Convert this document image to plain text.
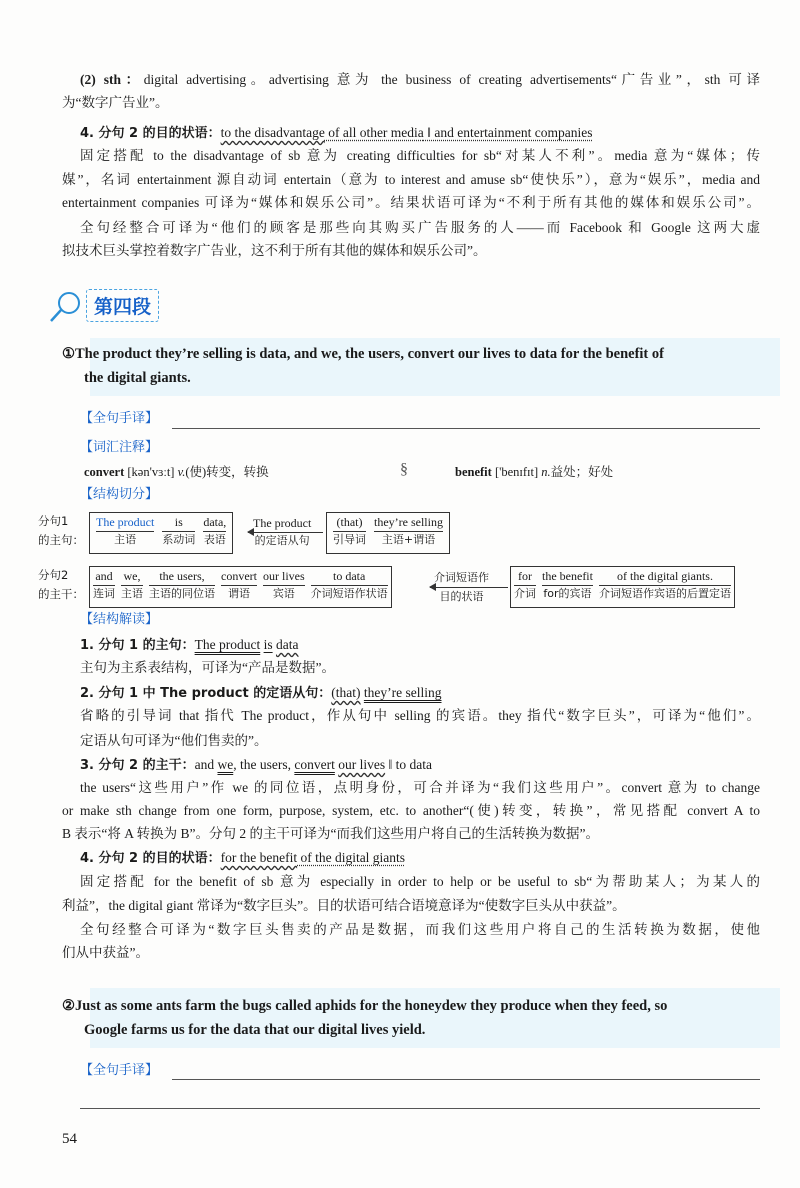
(2) sth：digital advertising。advertising 意为 the business of creating advertisements“广告业”，sth 可译
为“数字广告业”。
4. 分句 2 的目的状语：to the disadvantage of all other media ‖ and entertainment companies
固定搭配 to the disadvantage of sb 意为 creating difficulties for sb“对某人不利”。media 意为“媒体；传
媒”，名词 entertainment 源自动词 entertain（意为 to interest and amuse sb“使快乐”），意为“娱乐”，media and
entertainment companies 可译为“媒体和娱乐公司”。结果状语可译为“不利于所有其他的媒体和娱乐公司”。
全句经整合可译为“他们的顾客是那些向其购买广告服务的人——而 Facebook 和 Google 这两大虚
拟技术巨头掌控着数字广告业，这不利于所有其他的媒体和娱乐公司”。
第四段
①The product they’re selling is data, and we, the users, convert our lives to data for the benefit of
the digital giants.
【全句手译】
【词汇注释】
convert [kən'vɜːt] v.(使)转变，转换	§	benefit ['benɪfɪt] n.益处；好处
【结构切分】
分句1
的主句：
The product
主语
is
系动词
data,
表语
The product
的定语从句
(that)
引导词
they’re selling
主语+谓语
分句2
的主干：
and
连词
we,
主语
the users,
主语的同位语
convert
谓语
our lives
宾语
to data
介词短语作状语
介词短语作
目的状语
for
介词
the benefit
for的宾语
of the digital giants.
介词短语作宾语的后置定语
【结构解读】
1. 分句 1 的主句：The product is data
主句为主系表结构，可译为“产品是数据”。
2. 分句 1 中 The product 的定语从句：(that) they’re selling
省略的引导词 that 指代 The product，作从句中 selling 的宾语。they 指代“数字巨头”，可译为“他们”。
定语从句可译为“他们售卖的”。
3. 分句 2 的主干：and we, the users, convert our lives ‖ to data
the users“这些用户”作 we 的同位语，点明身份，可合并译为“我们这些用户”。convert 意为 to change
or make sth change from one form, purpose, system, etc. to another“(使)转变，转换”，常见搭配 convert A to
B 表示“将 A 转换为 B”。分句 2 的主干可译为“而我们这些用户将自己的生活转换为数据”。
4. 分句 2 的目的状语：for the benefit of the digital giants
固定搭配 for the benefit of sb 意为 especially in order to help or be useful to sb“为帮助某人；为某人的
利益”，the digital giant 常译为“数字巨头”。目的状语可结合语境意译为“使数字巨头从中获益”。
全句经整合可译为“数字巨头售卖的产品是数据，而我们这些用户将自己的生活转换为数据，使他
们从中获益”。
②Just as some ants farm the bugs called aphids for the honeydew they produce when they feed, so
Google farms us for the data that our digital lives yield.
【全句手译】
54
